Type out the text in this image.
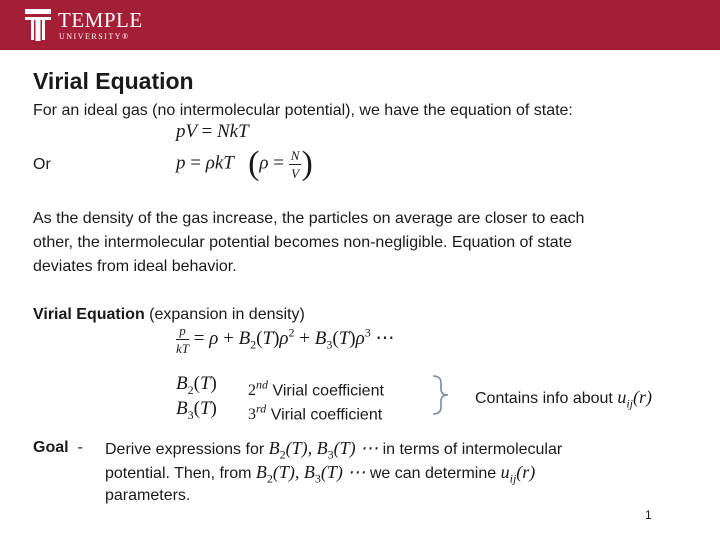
TEMPLE
UNIVERSITY®
Virial Equation
For an ideal gas (no intermolecular potential), we have the equation of state:
pV = NkT
Or	p = ρkT   ($\rho = \frac{N}{V}$ )
As the density of the gas increase, the particles on average are closer to each
other, the intermolecular potential becomes non-negligible. Equation of state
deviates from ideal behavior.
Virial Equation (expansion in density)
$\frac{p}{kT} = \rho + B_2(T)\rho^2 + B_3(T)\rho^3$ ⋯
$B_2(T)$ 2nd Virial coefficient
$B_3(T)$ 3rd Virial coefficient
Contains info about $u_{ij}(r)$
Goal - Derive expressions for $B_2(T)$, $B_3(T)$ ⋯ in terms of intermolecular
potential. Then, from $B_2(T)$, $B_3(T)$ ⋯ we can determine $u_{ij}(r)$
parameters.
1
